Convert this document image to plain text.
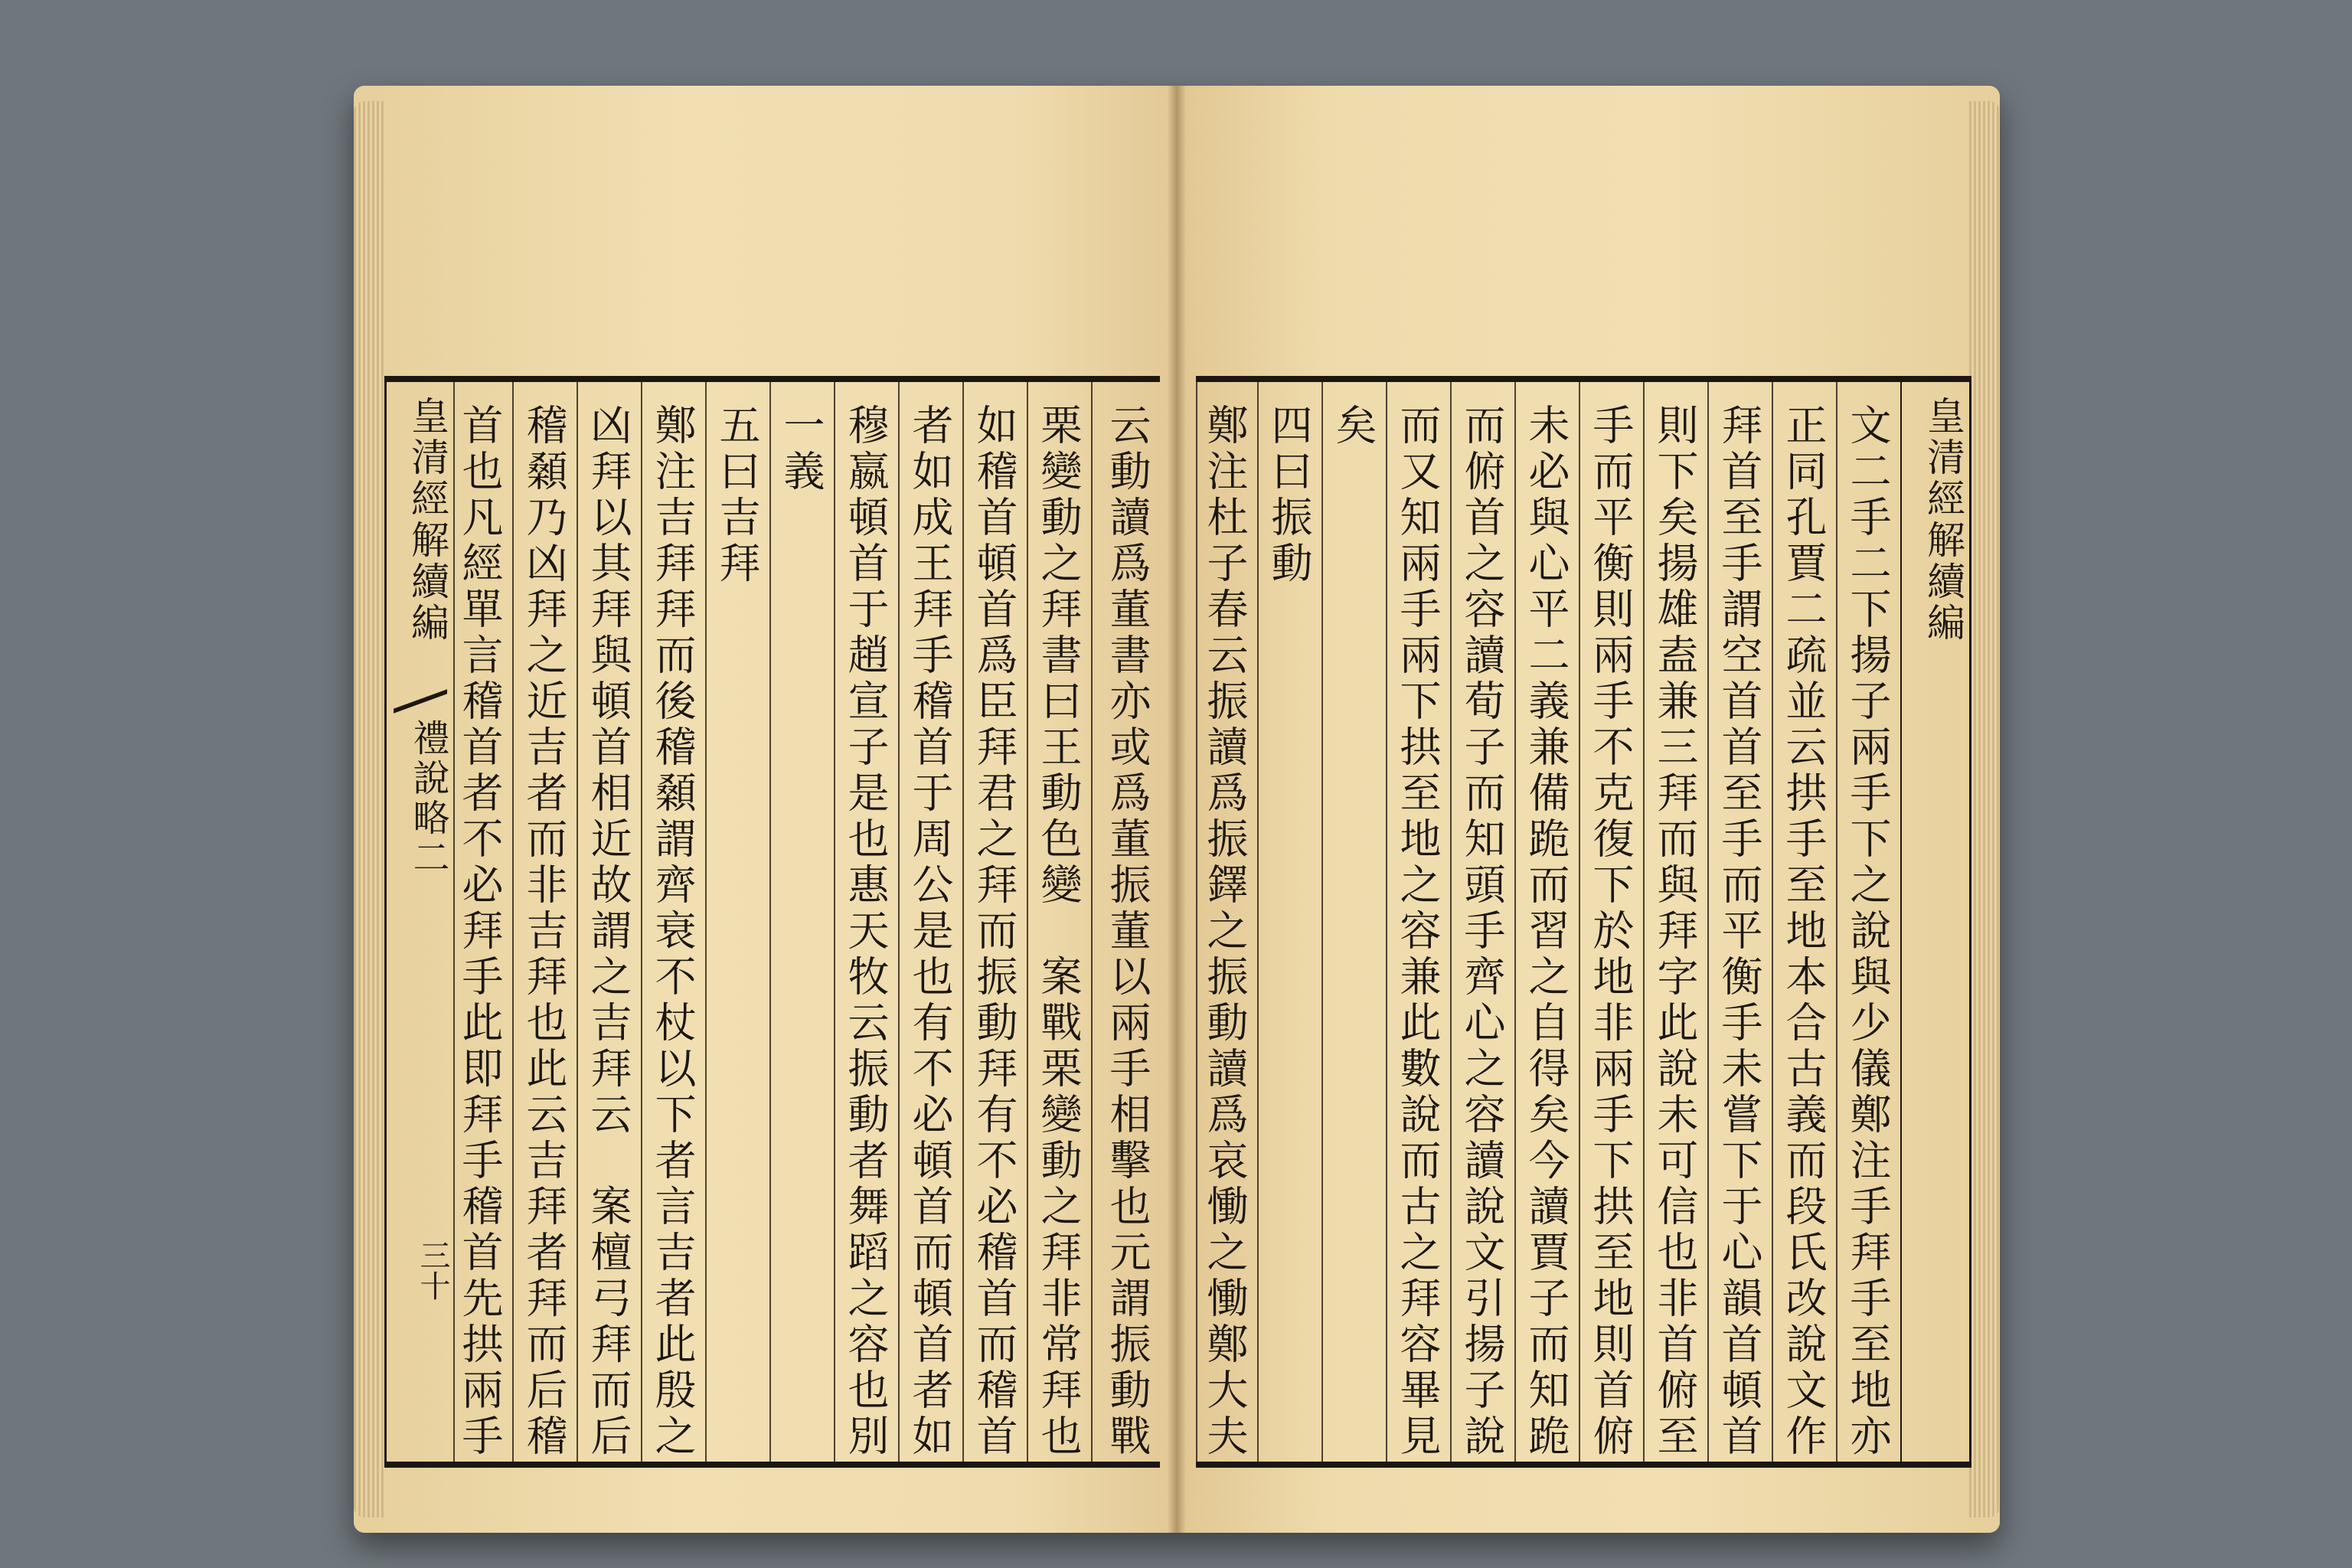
皇清經解續編
禮說略二
三十	云動讀爲董書亦或爲董振董以兩手相擊也元謂振動戰
栗變動之拜書曰王動色變　案戰栗變動之拜非常拜也
如稽首頓首爲臣拜君之拜而振動拜有不必稽首而稽首
者如成王拜手稽首于周公是也有不必頓首而頓首者如
穆嬴頓首于趙宣子是也惠天牧云振動者舞蹈之容也別
一義
五曰吉拜
鄭注吉拜拜而後稽顙謂齊衰不杖以下者言吉者此殷之
凶拜以其拜與頓首相近故謂之吉拜云　案檀弓拜而后
稽顙乃凶拜之近吉者而非吉拜也此云吉拜者拜而后稽
首也凡經單言稽首者不必拜手此即拜手稽首先拱兩手	皇清經解續編
文二手二下揚子兩手下之說與少儀鄭注手拜手至地亦
正同孔賈二疏並云拱手至地本合古義而段氏改說文作
拜首至手謂空首首至手而平衡手未嘗下于心韻首頓首
則下矣揚雄盍兼三拜而與拜字此說未可信也非首俯至
手而平衡則兩手不克復下於地非兩手下拱至地則首俯
未必與心平二義兼備跪而習之自得矣今讀賈子而知跪
而俯首之容讀荀子而知頭手齊心之容讀說文引揚子說
而又知兩手兩下拱至地之容兼此數說而古之拜容畢見
矣
四曰振動
鄭注杜子春云振讀爲振鐸之振動讀爲哀慟之慟鄭大夫
